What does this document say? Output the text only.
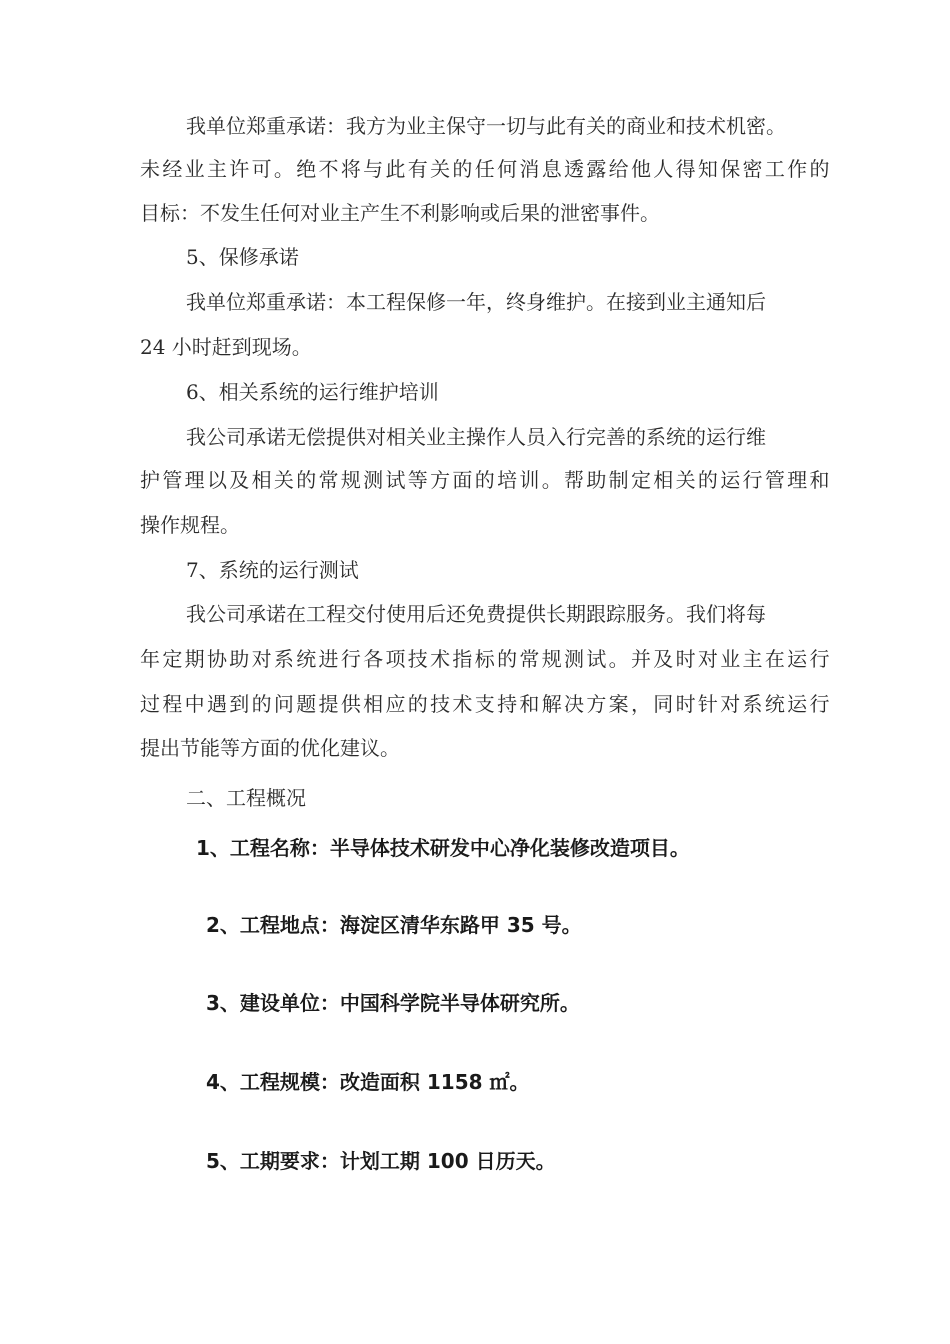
我单位郑重承诺：我方为业主保守一切与此有关的商业和技术机密。
未经业主许可。绝不将与此有关的任何消息透露给他人得知保密工作的
目标：不发生任何对业主产生不利影响或后果的泄密事件。
5、保修承诺
我单位郑重承诺：本工程保修一年，终身维护。在接到业主通知后
24 小时赶到现场。
6、相关系统的运行维护培训
我公司承诺无偿提供对相关业主操作人员入行完善的系统的运行维
护管理以及相关的常规测试等方面的培训。帮助制定相关的运行管理和
操作规程。
7、系统的运行测试
我公司承诺在工程交付使用后还免费提供长期跟踪服务。我们将每
年定期协助对系统进行各项技术指标的常规测试。并及时对业主在运行
过程中遇到的问题提供相应的技术支持和解决方案，同时针对系统运行
提出节能等方面的优化建议。
二、工程概况
1、工程名称：半导体技术研发中心净化装修改造项目。
2、工程地点：海淀区清华东路甲 35 号。
3、建设单位：中国科学院半导体研究所。
4、工程规模：改造面积 1158 ㎡。
5、工期要求：计划工期 100 日历天。
